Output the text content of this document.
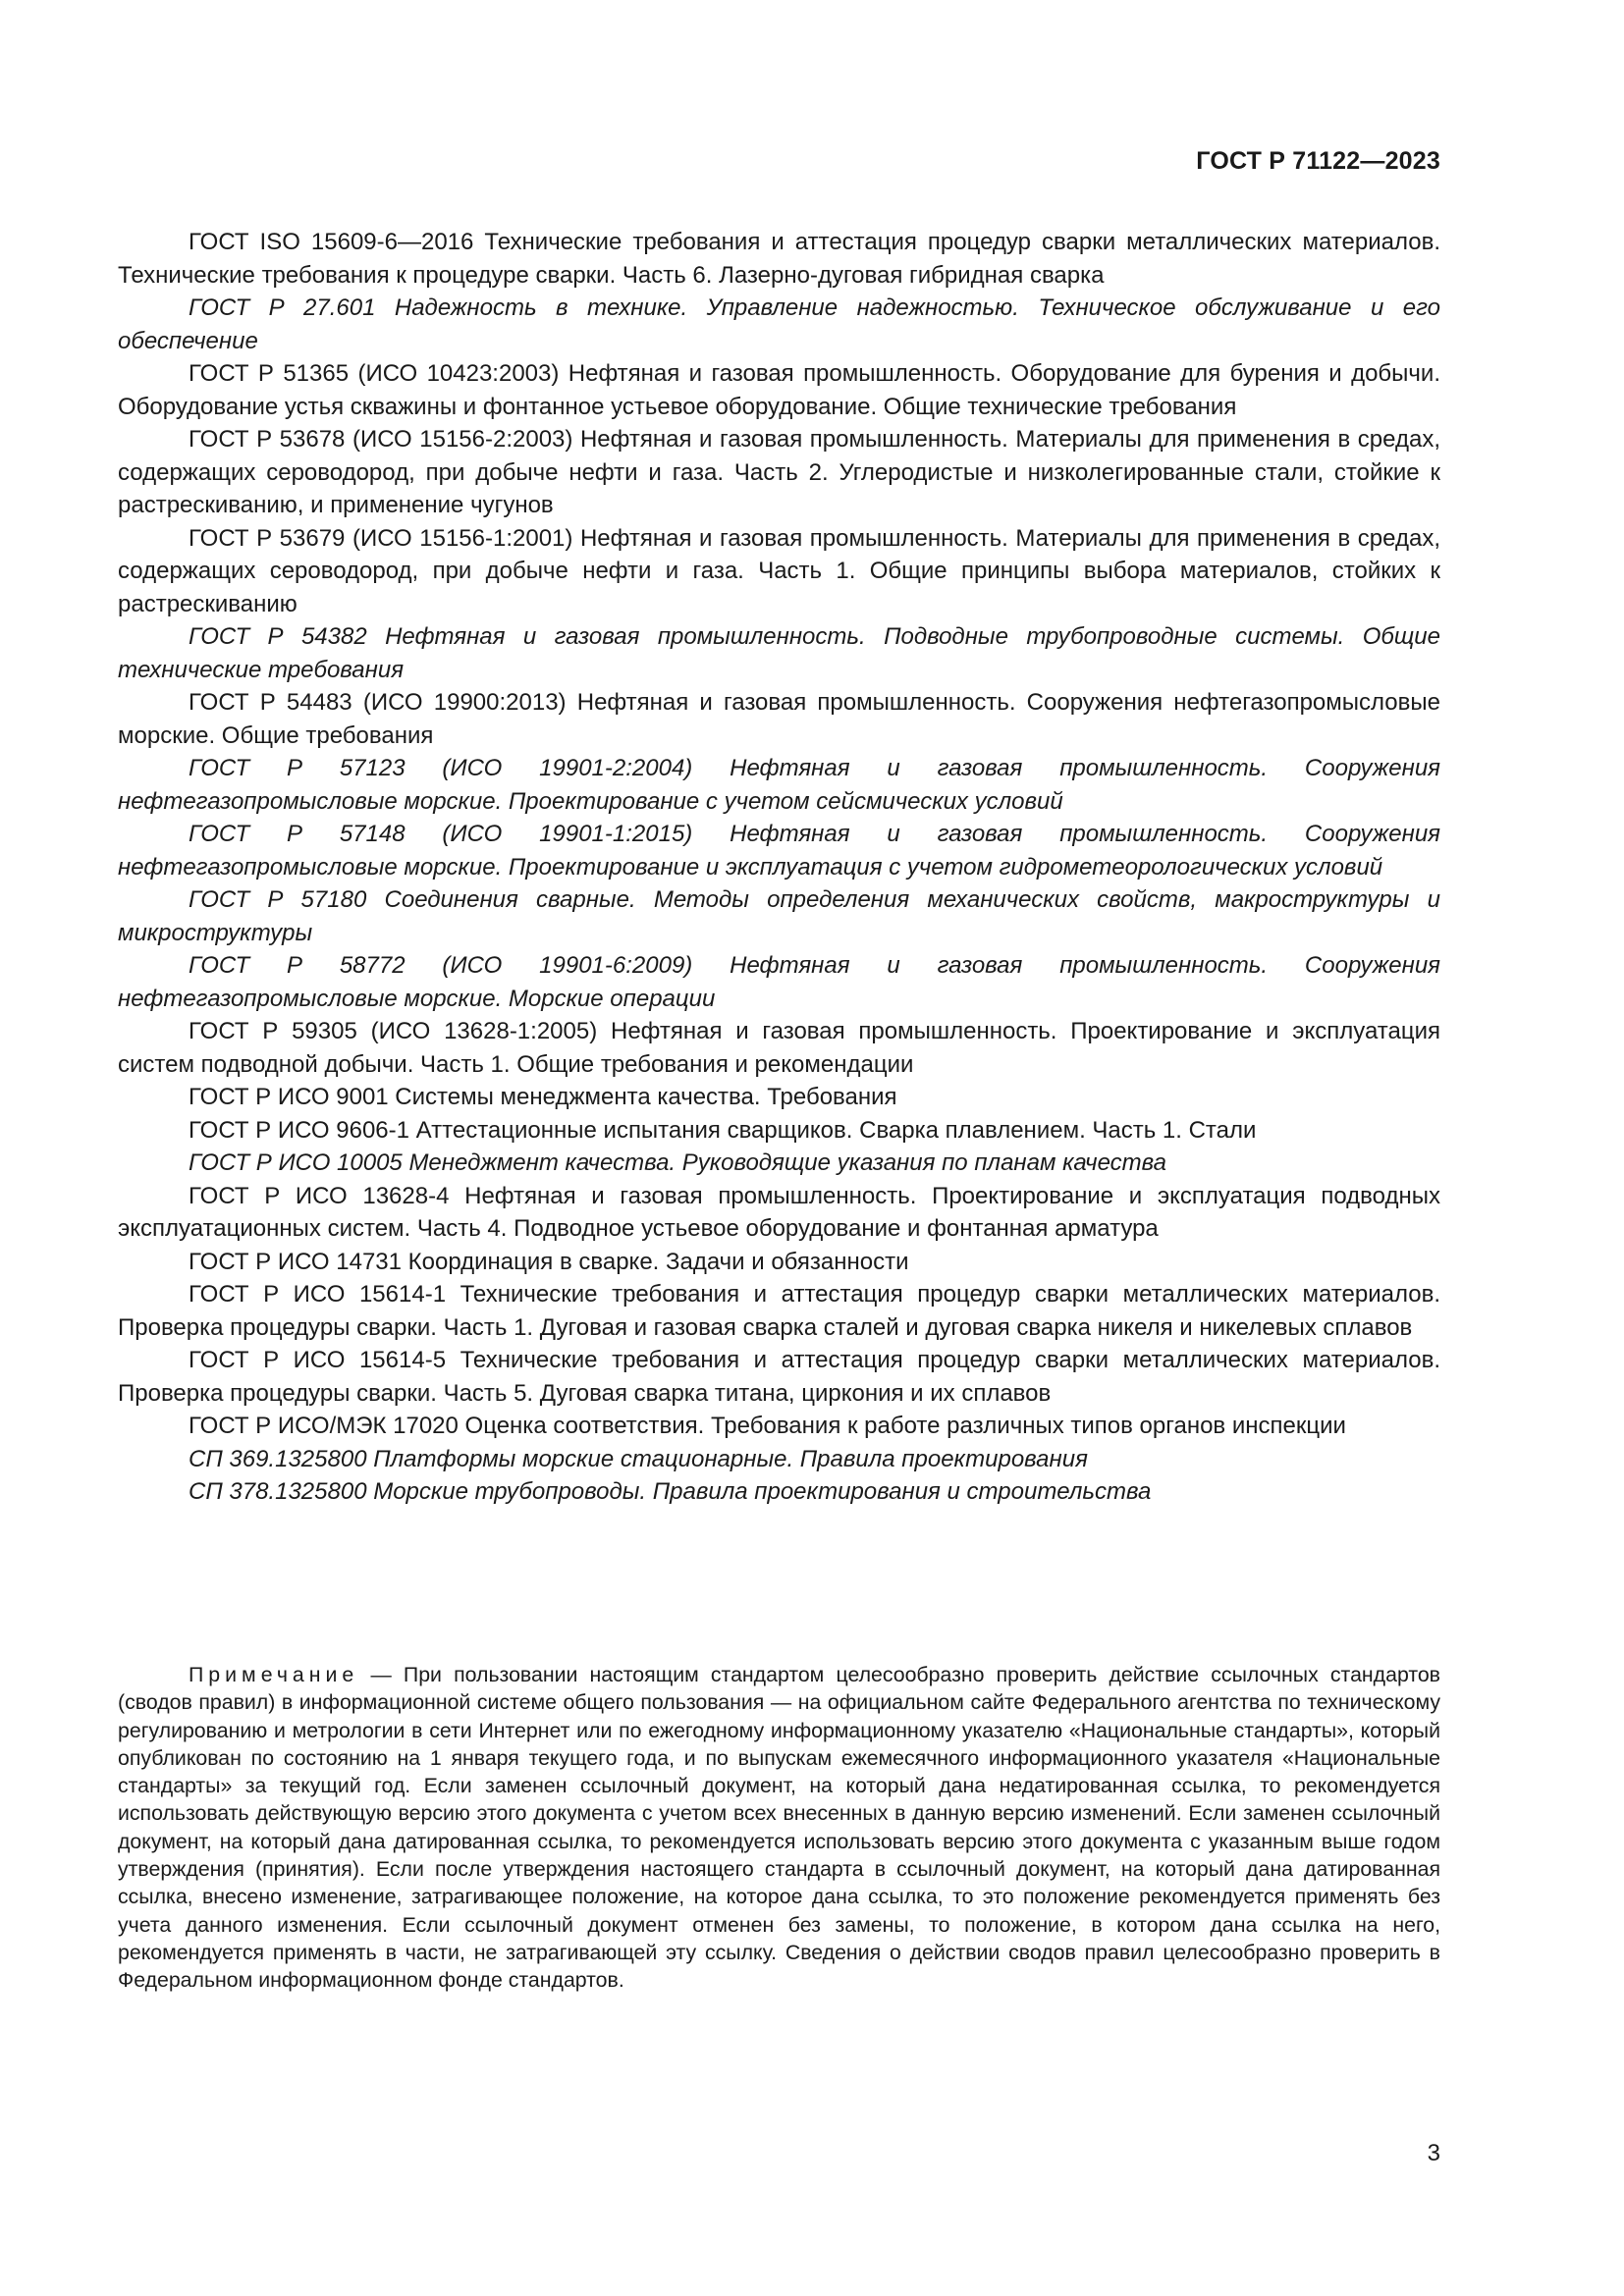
ГОСТ Р 71122—2023

ГОСТ ISO 15609-6—2016 Технические требования и аттестация процедур сварки металлических материалов. Технические требования к процедуре сварки. Часть 6. Лазерно-дуговая гибридная сварка

ГОСТ Р 27.601 Надежность в технике. Управление надежностью. Техническое обслуживание и его обеспечение

ГОСТ Р 51365 (ИСО 10423:2003) Нефтяная и газовая промышленность. Оборудование для бурения и добычи. Оборудование устья скважины и фонтанное устьевое оборудование. Общие технические требования

ГОСТ Р 53678 (ИСО 15156-2:2003) Нефтяная и газовая промышленность. Материалы для применения в средах, содержащих сероводород, при добыче нефти и газа. Часть 2. Углеродистые и низколегированные стали, стойкие к растрескиванию, и применение чугунов

ГОСТ Р 53679 (ИСО 15156-1:2001) Нефтяная и газовая промышленность. Материалы для применения в средах, содержащих сероводород, при добыче нефти и газа. Часть 1. Общие принципы выбора материалов, стойких к растрескиванию

ГОСТ Р 54382 Нефтяная и газовая промышленность. Подводные трубопроводные системы. Общие технические требования

ГОСТ Р 54483 (ИСО 19900:2013) Нефтяная и газовая промышленность. Сооружения нефтегазопромысловые морские. Общие требования

ГОСТ Р 57123 (ИСО 19901-2:2004) Нефтяная и газовая промышленность. Сооружения нефтегазопромысловые морские. Проектирование с учетом сейсмических условий

ГОСТ Р 57148 (ИСО 19901-1:2015) Нефтяная и газовая промышленность. Сооружения нефтегазопромысловые морские. Проектирование и эксплуатация с учетом гидрометеорологических условий

ГОСТ Р 57180 Соединения сварные. Методы определения механических свойств, макроструктуры и микроструктуры

ГОСТ Р 58772 (ИСО 19901-6:2009) Нефтяная и газовая промышленность. Сооружения нефтегазопромысловые морские. Морские операции

ГОСТ Р 59305 (ИСО 13628-1:2005) Нефтяная и газовая промышленность. Проектирование и эксплуатация систем подводной добычи. Часть 1. Общие требования и рекомендации

ГОСТ Р ИСО 9001 Системы менеджмента качества. Требования

ГОСТ Р ИСО 9606-1 Аттестационные испытания сварщиков. Сварка плавлением. Часть 1. Стали

ГОСТ Р ИСО 10005 Менеджмент качества. Руководящие указания по планам качества

ГОСТ Р ИСО 13628-4 Нефтяная и газовая промышленность. Проектирование и эксплуатация подводных эксплуатационных систем. Часть 4. Подводное устьевое оборудование и фонтанная арматура

ГОСТ Р ИСО 14731 Координация в сварке. Задачи и обязанности

ГОСТ Р ИСО 15614-1 Технические требования и аттестация процедур сварки металлических материалов. Проверка процедуры сварки. Часть 1. Дуговая и газовая сварка сталей и дуговая сварка никеля и никелевых сплавов

ГОСТ Р ИСО 15614-5 Технические требования и аттестация процедур сварки металлических материалов. Проверка процедуры сварки. Часть 5. Дуговая сварка титана, циркония и их сплавов

ГОСТ Р ИСО/МЭК 17020 Оценка соответствия. Требования к работе различных типов органов инспекции

СП 369.1325800 Платформы морские стационарные. Правила проектирования

СП 378.1325800 Морские трубопроводы. Правила проектирования и строительства

Примечание — При пользовании настоящим стандартом целесообразно проверить действие ссылочных стандартов (сводов правил) в информационной системе общего пользования — на официальном сайте Федерального агентства по техническому регулированию и метрологии в сети Интернет или по ежегодному информационному указателю «Национальные стандарты», который опубликован по состоянию на 1 января текущего года, и по выпускам ежемесячного информационного указателя «Национальные стандарты» за текущий год. Если заменен ссылочный документ, на который дана недатированная ссылка, то рекомендуется использовать действующую версию этого документа с учетом всех внесенных в данную версию изменений. Если заменен ссылочный документ, на который дана датированная ссылка, то рекомендуется использовать версию этого документа с указанным выше годом утверждения (принятия). Если после утверждения настоящего стандарта в ссылочный документ, на который дана датированная ссылка, внесено изменение, затрагивающее положение, на которое дана ссылка, то это положение рекомендуется применять без учета данного изменения. Если ссылочный документ отменен без замены, то положение, в котором дана ссылка на него, рекомендуется применять в части, не затрагивающей эту ссылку. Сведения о действии сводов правил целесообразно проверить в Федеральном информационном фонде стандартов.

3
